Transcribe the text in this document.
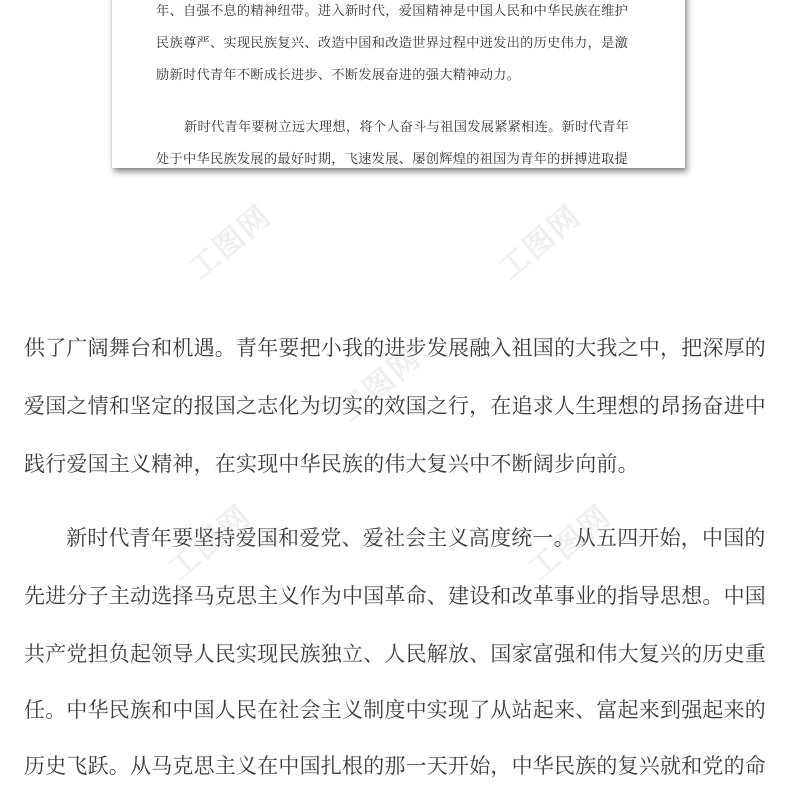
年、自强不息的精神纽带。进入新时代，爱国精神是中国人民和中华民族在维护
民族尊严、实现民族复兴、改造中国和改造世界过程中迸发出的历史伟力，是激
励新时代青年不断成长进步、不断发展奋进的强大精神动力。
新时代青年要树立远大理想，将个人奋斗与祖国发展紧紧相连。新时代青年
处于中华民族发展的最好时期，飞速发展、屡创辉煌的祖国为青年的拼搏进取提
工图网	工图网
工图网
工图网	工图网
供了广阔舞台和机遇。青年要把小我的进步发展融入祖国的大我之中，把深厚的
爱国之情和坚定的报国之志化为切实的效国之行，在追求人生理想的昂扬奋进中
践行爱国主义精神，在实现中华民族的伟大复兴中不断阔步向前。
新时代青年要坚持爱国和爱党、爱社会主义高度统一。从五四开始，中国的
先进分子主动选择马克思主义作为中国革命、建设和改革事业的指导思想。中国
共产党担负起领导人民实现民族独立、人民解放、国家富强和伟大复兴的历史重
任。中华民族和中国人民在社会主义制度中实现了从站起来、富起来到强起来的
历史飞跃。从马克思主义在中国扎根的那一天开始，中华民族的复兴就和党的命
